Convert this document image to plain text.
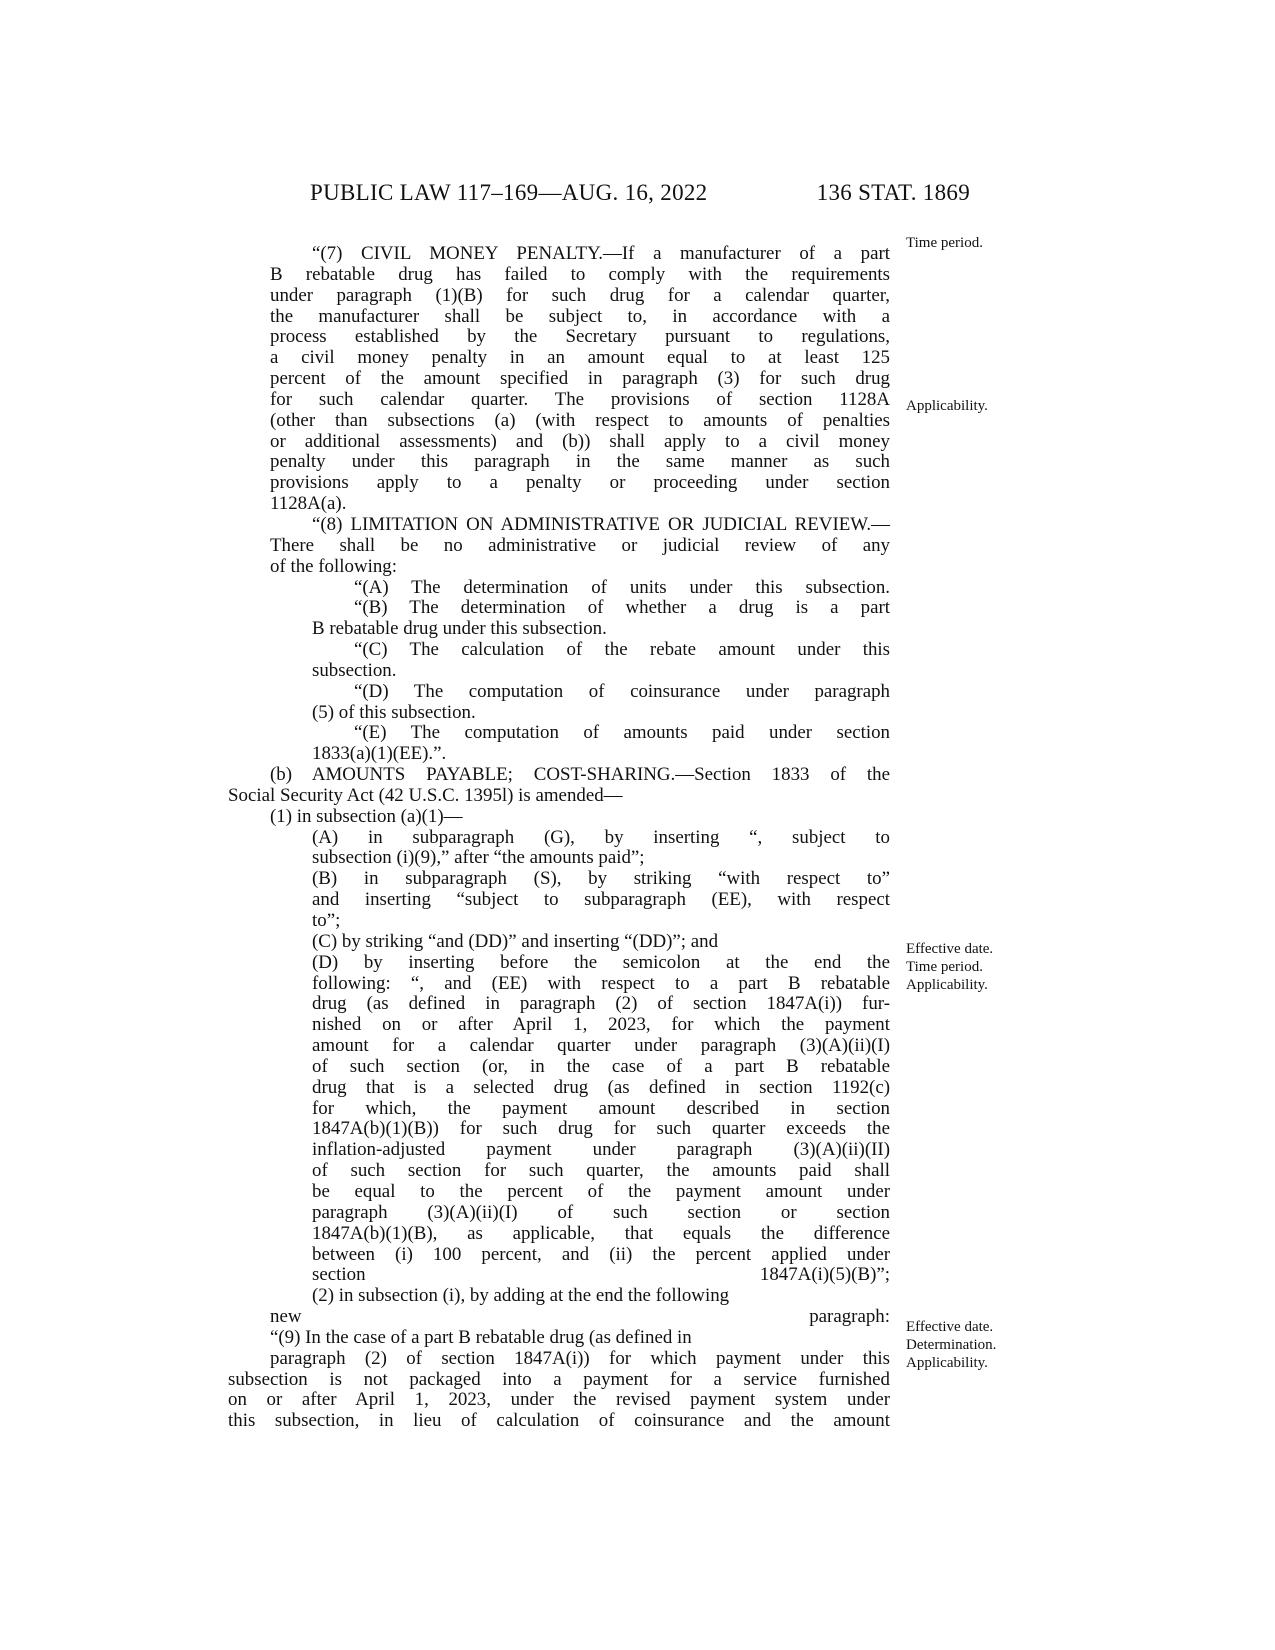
PUBLIC LAW 117–169—AUG. 16, 2022	136 STAT. 1869
“(7) CIVIL MONEY PENALTY.—If a manufacturer of a part
B rebatable drug has failed to comply with the requirements
under paragraph (1)(B) for such drug for a calendar quarter,
the manufacturer shall be subject to, in accordance with a
process established by the Secretary pursuant to regulations,
a civil money penalty in an amount equal to at least 125
percent of the amount specified in paragraph (3) for such drug
for such calendar quarter. The provisions of section 1128A
(other than subsections (a) (with respect to amounts of penalties
or additional assessments) and (b)) shall apply to a civil money
penalty under this paragraph in the same manner as such
provisions apply to a penalty or proceeding under section
1128A(a).
“(8) LIMITATION ON ADMINISTRATIVE OR JUDICIAL REVIEW.—
There shall be no administrative or judicial review of any
of the following:
“(A) The determination of units under this subsection.
“(B) The determination of whether a drug is a part
B rebatable drug under this subsection.
“(C) The calculation of the rebate amount under this
subsection.
“(D) The computation of coinsurance under paragraph
(5) of this subsection.
“(E) The computation of amounts paid under section
1833(a)(1)(EE).”.
(b) AMOUNTS PAYABLE; COST-SHARING.—Section 1833 of the
Social Security Act (42 U.S.C. 1395l) is amended—
(1) in subsection (a)(1)—
(A) in subparagraph (G), by inserting “, subject to
subsection (i)(9),” after “the amounts paid”;
(B) in subparagraph (S), by striking “with respect to”
and inserting “subject to subparagraph (EE), with respect
to”;
(C) by striking “and (DD)” and inserting “(DD)”; and
(D) by inserting before the semicolon at the end the
following: “, and (EE) with respect to a part B rebatable
drug (as defined in paragraph (2) of section 1847A(i)) fur-
nished on or after April 1, 2023, for which the payment
amount for a calendar quarter under paragraph (3)(A)(ii)(I)
of such section (or, in the case of a part B rebatable
drug that is a selected drug (as defined in section 1192(c)
for which, the payment amount described in section
1847A(b)(1)(B)) for such drug for such quarter exceeds the
inflation-adjusted payment under paragraph (3)(A)(ii)(II)
of such section for such quarter, the amounts paid shall
be equal to the percent of the payment amount under
paragraph (3)(A)(ii)(I) of such section or section
1847A(b)(1)(B), as applicable, that equals the difference
between (i) 100 percent, and (ii) the percent applied under
section 1847A(i)(5)(B)”;
(2) in subsection (i), by adding at the end the following
new paragraph:
“(9) In the case of a part B rebatable drug (as defined in
paragraph (2) of section 1847A(i)) for which payment under this
subsection is not packaged into a payment for a service furnished
on or after April 1, 2023, under the revised payment system under
this subsection, in lieu of calculation of coinsurance and the amount
Time period.
Applicability.
Effective date.
Time period.
Applicability.
Effective date.
Determination.
Applicability.
